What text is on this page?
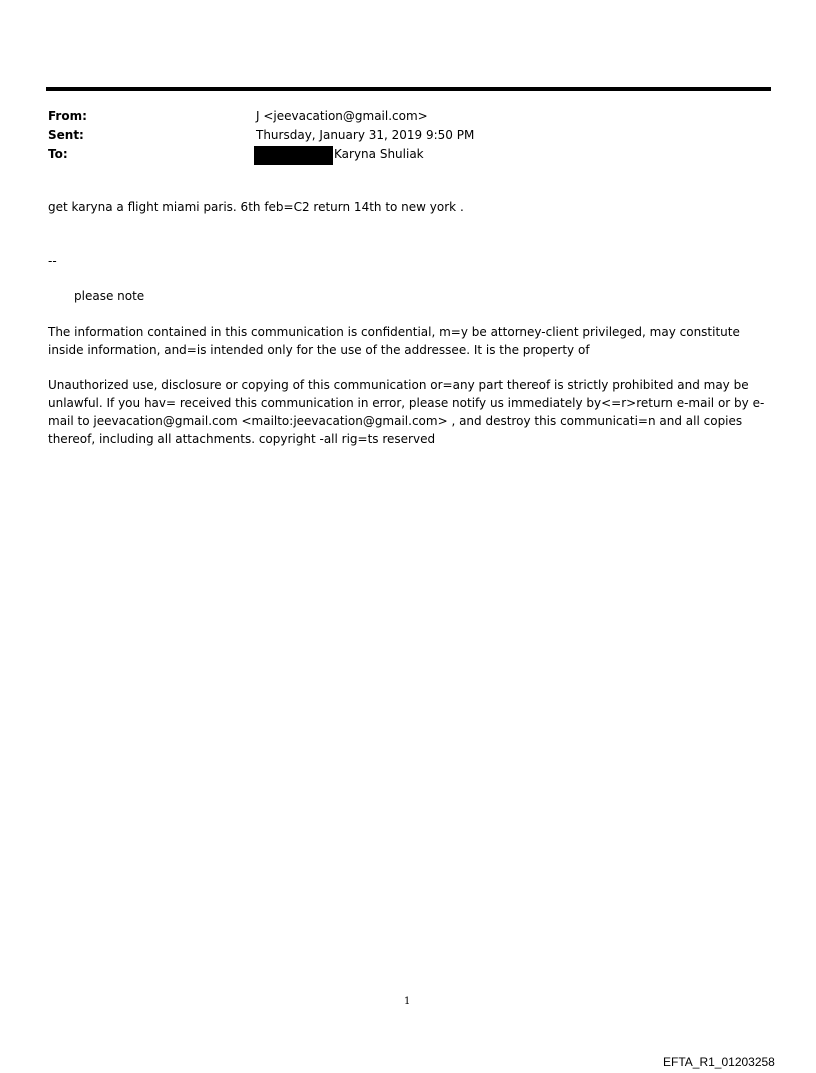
From:	J <jeevacation@gmail.com>
Sent:	Thursday, January 31, 2019 9:50 PM
To:	Karyna Shuliak
get karyna a flight miami paris. 6th feb=C2 return 14th to new york .
--
please note
The information contained in this communication is confidential, m=y be attorney-client privileged, may constitute
inside information, and=is intended only for the use of the addressee. It is the property of
Unauthorized use, disclosure or copying of this communication or=any part thereof is strictly prohibited and may be
unlawful. If you hav= received this communication in error, please notify us immediately by<=r>return e-mail or by e-
mail to jeevacation@gmail.com <mailto:jeevacation@gmail.com> , and destroy this communicati=n and all copies
thereof, including all attachments. copyright -all rig=ts reserved
1
EFTA_R1_01203258
